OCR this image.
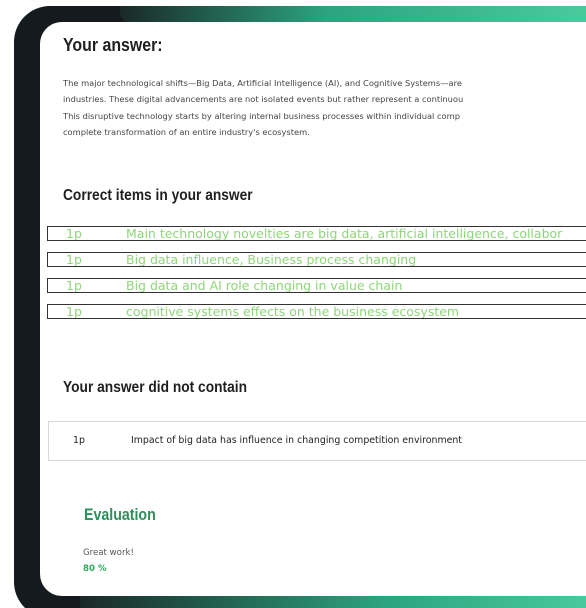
Your answer:
The major technological shifts—Big Data, Artificial Intelligence (AI), and Cognitive Systems—are
industries. These digital advancements are not isolated events but rather represent a continuou
This disruptive technology starts by altering internal business processes within individual comp
complete transformation of an entire industry's ecosystem.
Correct items in your answer
1p	Main technology novelties are big data, artificial intelligence, collabor
1p	Big data influence, Business process changing
1p	Big data and AI role changing in value chain
1p	cognitive systems effects on the business ecosystem
Your answer did not contain
1p	Impact of big data has influence in changing competition environment
Evaluation
Great work!
80 %
